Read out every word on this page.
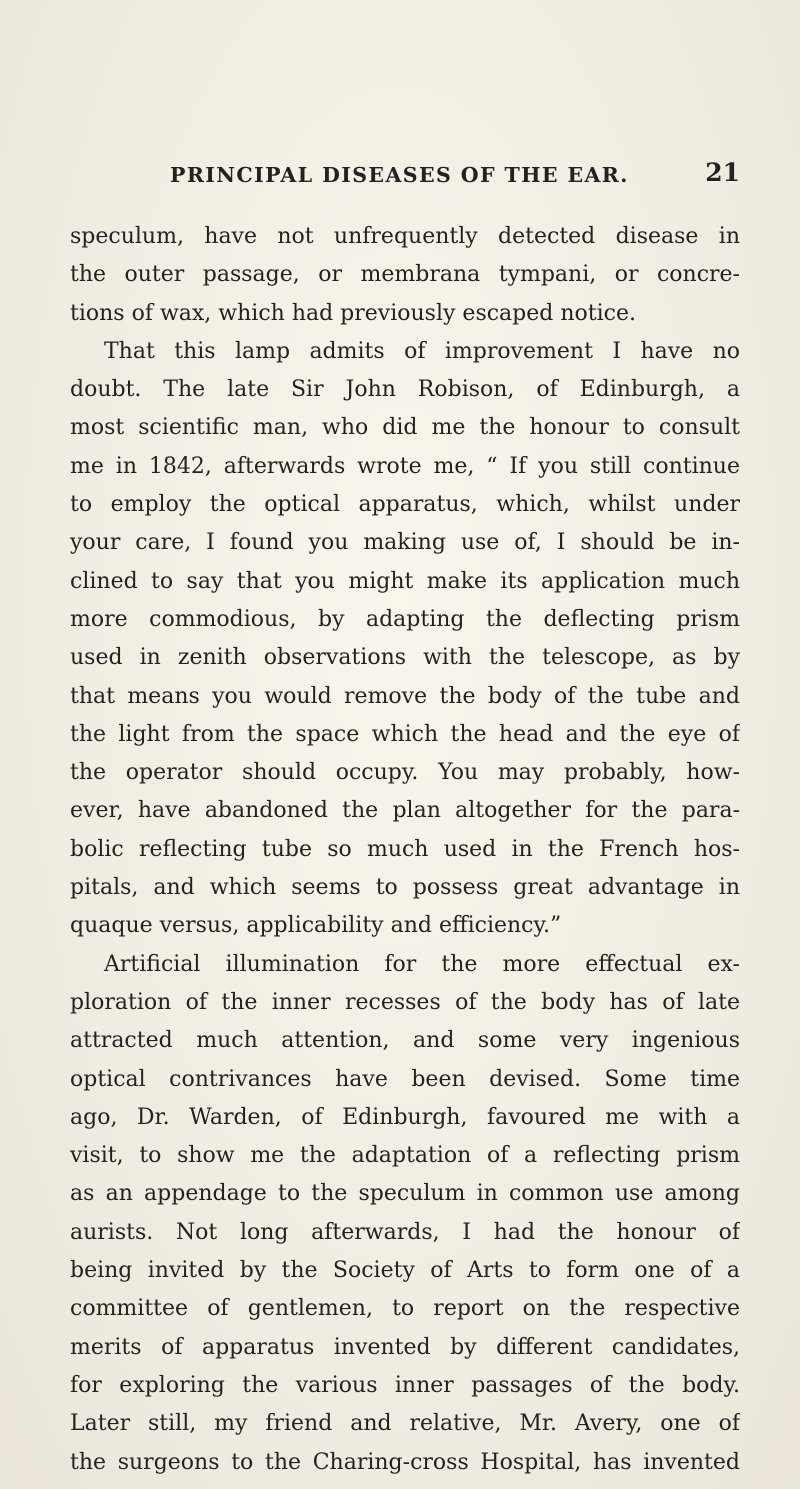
PRINCIPAL DISEASES OF THE EAR.	21
speculum, have not unfrequently detected disease in
the outer passage, or membrana tympani, or concre-
tions of wax, which had previously escaped notice.
That this lamp admits of improvement I have no
doubt. The late Sir John Robison, of Edinburgh, a
most scientific man, who did me the honour to consult
me in 1842, afterwards wrote me, “ If you still continue
to employ the optical apparatus, which, whilst under
your care, I found you making use of, I should be in-
clined to say that you might make its application much
more commodious, by adapting the deflecting prism
used in zenith observations with the telescope, as by
that means you would remove the body of the tube and
the light from the space which the head and the eye of
the operator should occupy. You may probably, how-
ever, have abandoned the plan altogether for the para-
bolic reflecting tube so much used in the French hos-
pitals, and which seems to possess great advantage in
quaque versus, applicability and efficiency.”
Artificial illumination for the more effectual ex-
ploration of the inner recesses of the body has of late
attracted much attention, and some very ingenious
optical contrivances have been devised. Some time
ago, Dr. Warden, of Edinburgh, favoured me with a
visit, to show me the adaptation of a reflecting prism
as an appendage to the speculum in common use among
aurists. Not long afterwards, I had the honour of
being invited by the Society of Arts to form one of a
committee of gentlemen, to report on the respective
merits of apparatus invented by different candidates,
for exploring the various inner passages of the body.
Later still, my friend and relative, Mr. Avery, one of
the surgeons to the Charing-cross Hospital, has invented
